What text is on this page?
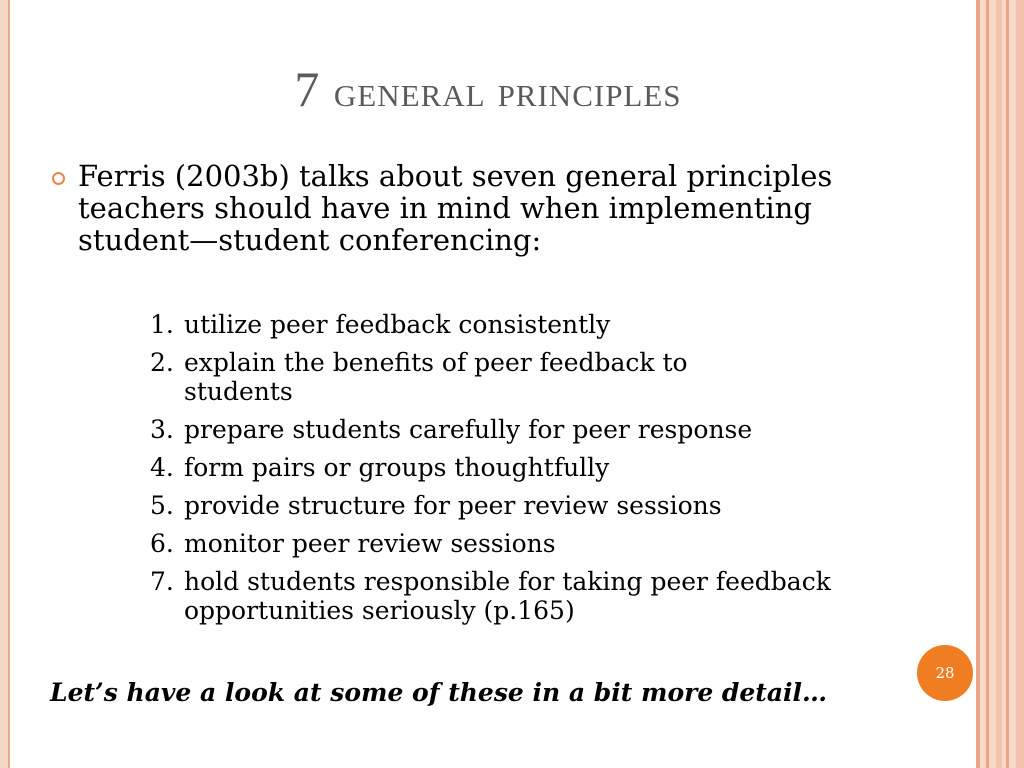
7 general principles
Ferris (2003b) talks about seven general principles teachers should have in mind when implementing student—student conferencing:
1. utilize peer feedback consistently
2. explain the benefits of peer feedback to students
3. prepare students carefully for peer response
4. form pairs or groups thoughtfully
5. provide structure for peer review sessions
6. monitor peer review sessions
7. hold students responsible for taking peer feedback opportunities seriously (p.165)
Let’s have a look at some of these in a bit more detail…
28
